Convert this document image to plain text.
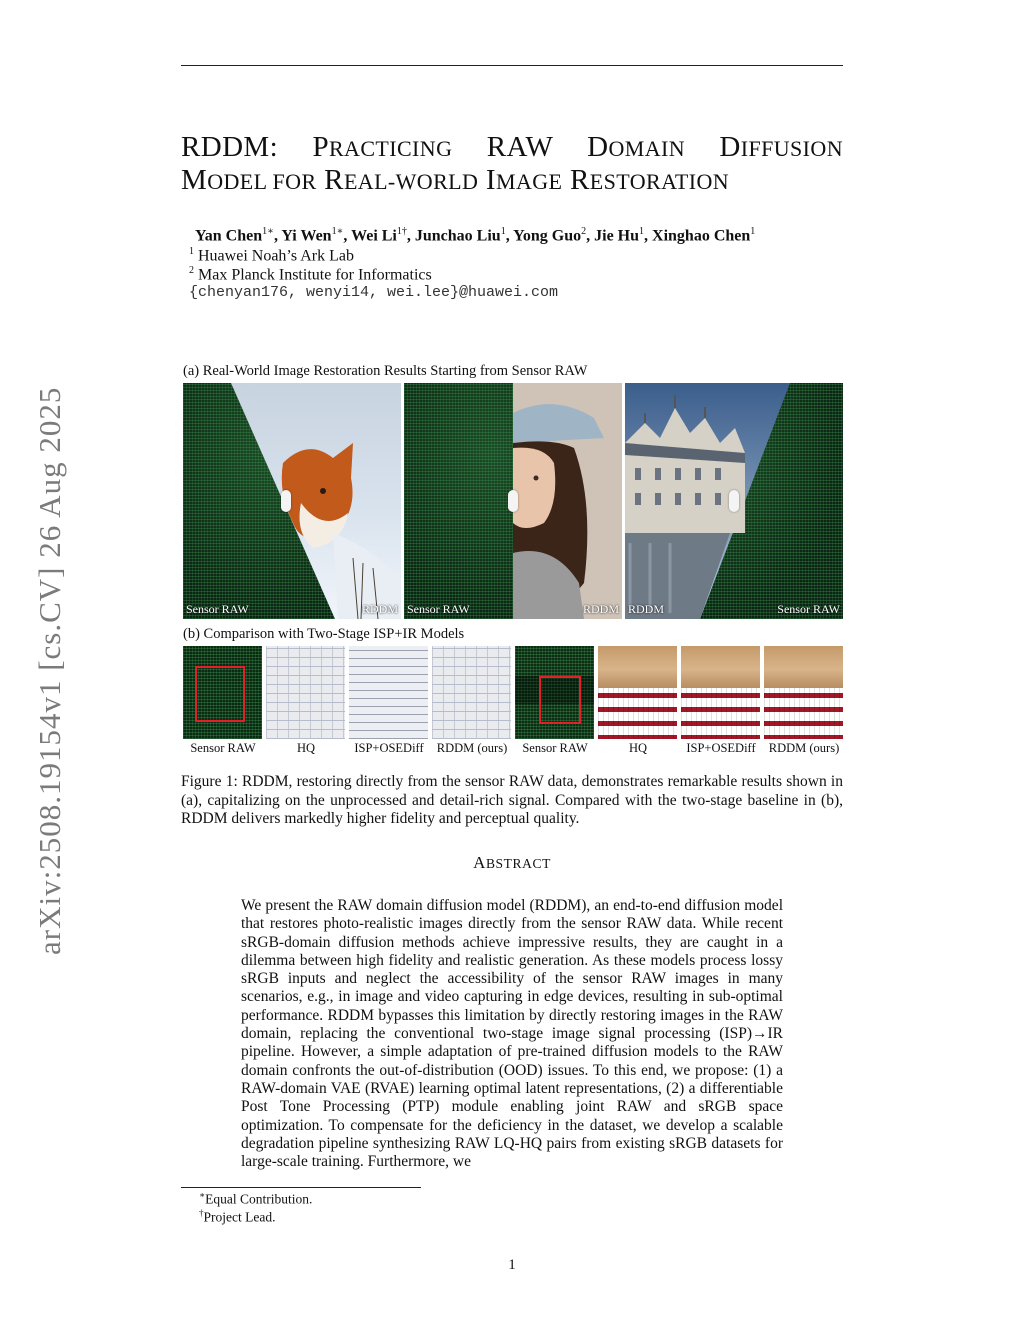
arXiv:2508.19154v1 [cs.CV] 26 Aug 2025
RDDM: PRACTICING RAW DOMAIN DIFFUSION
MODEL FOR REAL-WORLD IMAGE RESTORATION
Yan Chen$^{1∗}$, Yi Wen$^{1∗}$, Wei $Li^{1\dagger}$, Junchao Liu$^1$, Yong Guo$^2$, Jie Hu$^1$, Xinghao Chen$^1$
$^1$ Huawei Noah’s Ark Lab
$^2$ Max Planck Institute for Informatics
{chenyan176, wenyi14, wei.lee}@huawei.com
(a) Real-World Image Restoration Results Starting from Sensor RAW
Sensor RAW	RDDM Sensor RAW	RDDM RDDM	Sensor RAW
(b) Comparison with Two-Stage ISP+IR Models
Sensor RAW	HQ	ISP+OSEDiff	RDDM (ours)	Sensor RAW	HQ	ISP+OSEDiff	RDDM (ours)
Figure 1: RDDM, restoring directly from the sensor RAW data, demonstrates remarkable results shown in (a), capitalizing on the unprocessed and detail-rich signal. Compared with the two-stage baseline in (b), RDDM delivers markedly higher fidelity and perceptual quality.
ABSTRACT
We present the RAW domain diffusion model (RDDM), an end-to-end diffusion model that restores photo-realistic images directly from the sensor RAW data. While recent sRGB-domain diffusion methods achieve impressive results, they are caught in a dilemma between high fidelity and realistic generation. As these models process lossy sRGB inputs and neglect the accessibility of the sensor RAW images in many scenarios, e.g., in image and video capturing in edge devices, resulting in sub-optimal performance. RDDM bypasses this limitation by directly restoring images in the RAW domain, replacing the conventional two-stage image signal processing (ISP)→IR pipeline. However, a simple adaptation of pre-trained diffusion models to the RAW domain confronts the out-of-distribution (OOD) issues. To this end, we propose: (1) a RAW-domain VAE (RVAE) learning optimal latent representations, (2) a differentiable Post Tone Processing (PTP) module enabling joint RAW and sRGB space optimization. To compensate for the deficiency in the dataset, we develop a scalable degradation pipeline synthesizing RAW LQ-HQ pairs from existing sRGB datasets for large-scale training. Furthermore, we
∗Equal Contribution.
†Project Lead.
1
